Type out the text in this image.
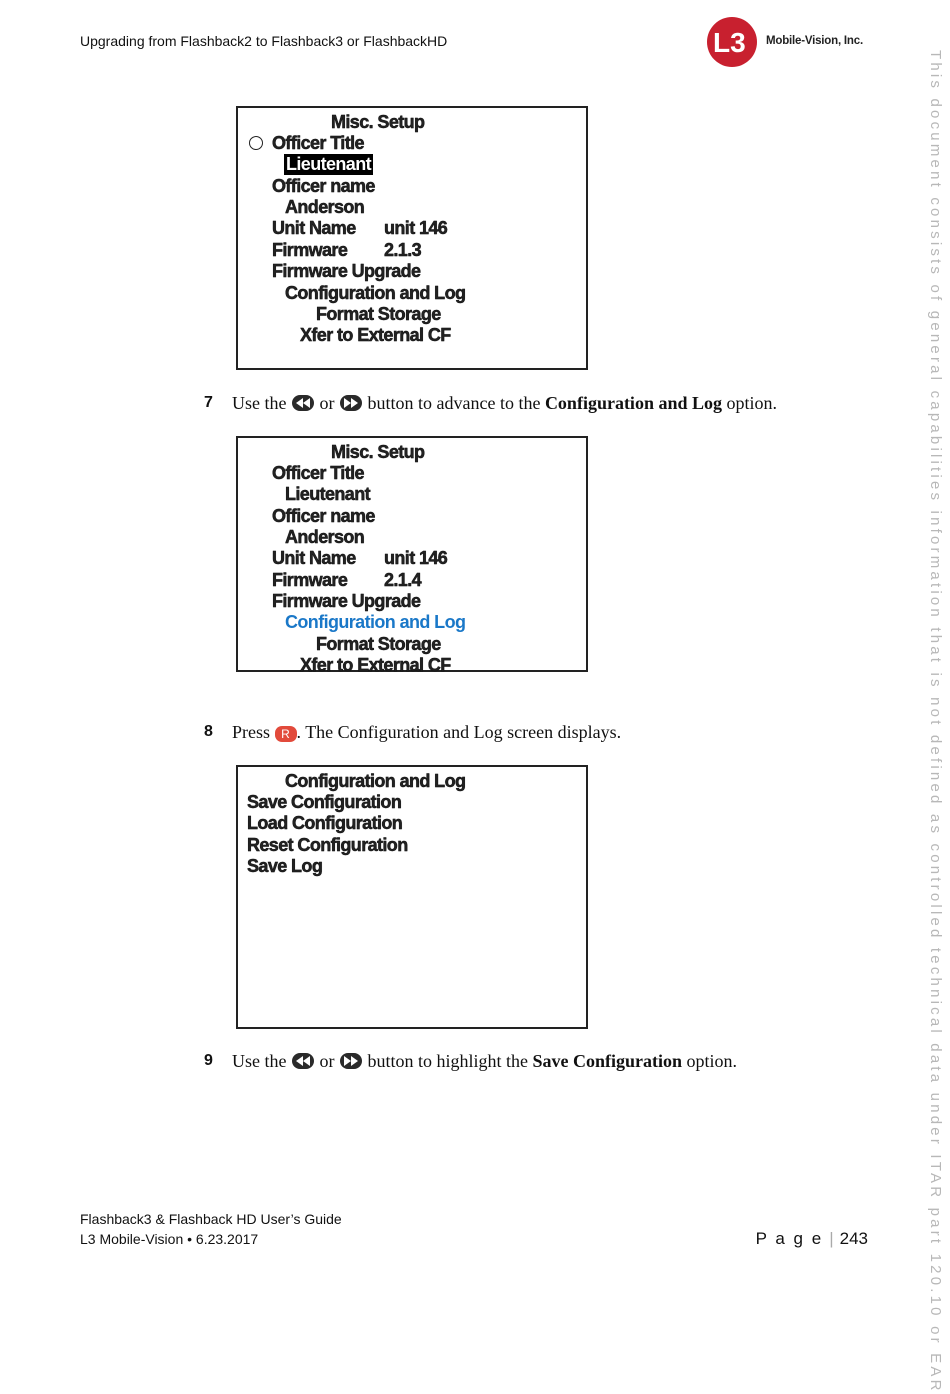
Upgrading from Flashback2 to Flashback3 or FlashbackHD	L3 Mobile-Vision, Inc.
This document consists of general capabilities information that is not defined as controlled technical data under ITAR part 120.10 or EAR
Misc. Setup
Officer Title
Lieutenant
Officer name
Anderson
Unit Name unit 146
Firmware 2.1.3
Firmware Upgrade
Configuration and Log
Format Storage
Xfer to External CF
7 Use the or button to advance to the Configuration and Log option.
Misc. Setup
Officer Title
Lieutenant
Officer name
Anderson
Unit Name unit 146
Firmware 2.1.4
Firmware Upgrade
Configuration and Log
Format Storage
Xfer to External CF
8 Press R . The Configuration and Log screen displays.
Configuration and Log
Save Configuration
Load Configuration
Reset Configuration
Save Log
9 Use the or button to highlight the Save Configuration option.
Flashback3 & Flashback HD User’s Guide
L3 Mobile-Vision • 6.23.2017	P a g e | 243
